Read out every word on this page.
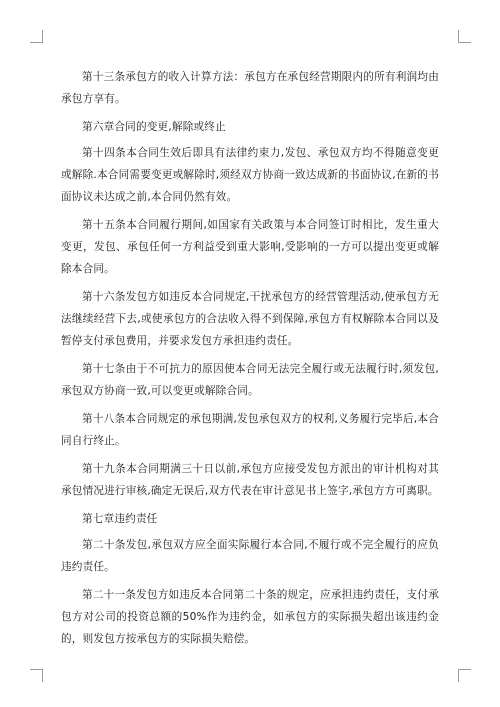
第十三条承包方的收入计算方法：承包方在承包经营期限内的所有利润均由承包方享有。

第六章合同的变更,解除或终止

第十四条本合同生效后即具有法律约束力,发包、承包双方均不得随意变更或解除.本合同需要变更或解除时,须经双方协商一致达成新的书面协议,在新的书面协议未达成之前,本合同仍然有效。

第十五条本合同履行期间,如国家有关政策与本合同签订时相比，发生重大变更，发包、承包任何一方利益受到重大影响,受影响的一方可以提出变更或解除本合同。

第十六条发包方如违反本合同规定,干扰承包方的经营管理活动,使承包方无法继续经营下去,或使承包方的合法收入得不到保障,承包方有权解除本合同以及暂停支付承包费用，并要求发包方承担违约责任。

第十七条由于不可抗力的原因使本合同无法完全履行或无法履行时,须发包,承包双方协商一致,可以变更或解除合同。

第十八条本合同规定的承包期满,发包承包双方的权利,义务履行完毕后,本合同自行终止。

第十九条本合同期满三十日以前,承包方应接受发包方派出的审计机构对其承包情况进行审核,确定无误后,双方代表在审计意见书上签字,承包方方可离职。

第七章违约责任

第二十条发包,承包双方应全面实际履行本合同,不履行或不完全履行的应负违约责任。

第二十一条发包方如违反本合同第二十条的规定，应承担违约责任，支付承包方对公司的投资总额的50%作为违约金，如承包方的实际损失超出该违约金的，则发包方按承包方的实际损失赔偿。
